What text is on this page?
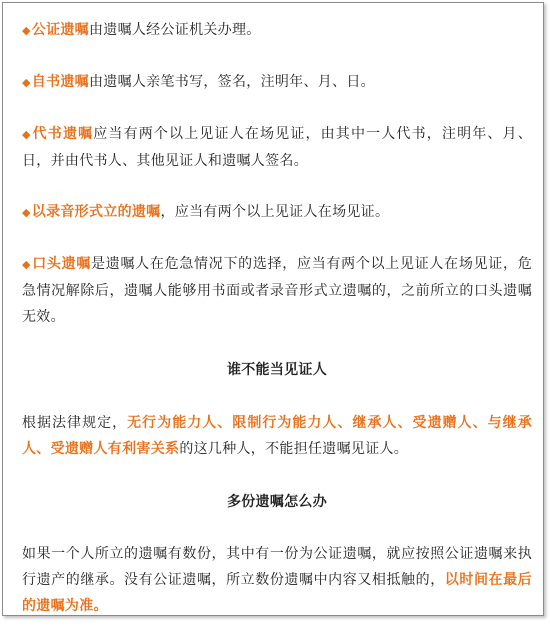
◆公证遗嘱由遗嘱人经公证机关办理。

◆自书遗嘱由遗嘱人亲笔书写，签名，注明年、月、日。

◆代书遗嘱应当有两个以上见证人在场见证，由其中一人代书，注明年、月、日，并由代书人、其他见证人和遗嘱人签名。

◆以录音形式立的遗嘱，应当有两个以上见证人在场见证。

◆口头遗嘱是遗嘱人在危急情况下的选择，应当有两个以上见证人在场见证，危急情况解除后，遗嘱人能够用书面或者录音形式立遗嘱的，之前所立的口头遗嘱无效。

谁不能当见证人

根据法律规定，无行为能力人、限制行为能力人、继承人、受遗赠人、与继承人、受遗赠人有利害关系的这几种人，不能担任遗嘱见证人。

多份遗嘱怎么办

如果一个人所立的遗嘱有数份，其中有一份为公证遗嘱，就应按照公证遗嘱来执行遗产的继承。没有公证遗嘱，所立数份遗嘱中内容又相抵触的，以时间在最后的遗嘱为准。
